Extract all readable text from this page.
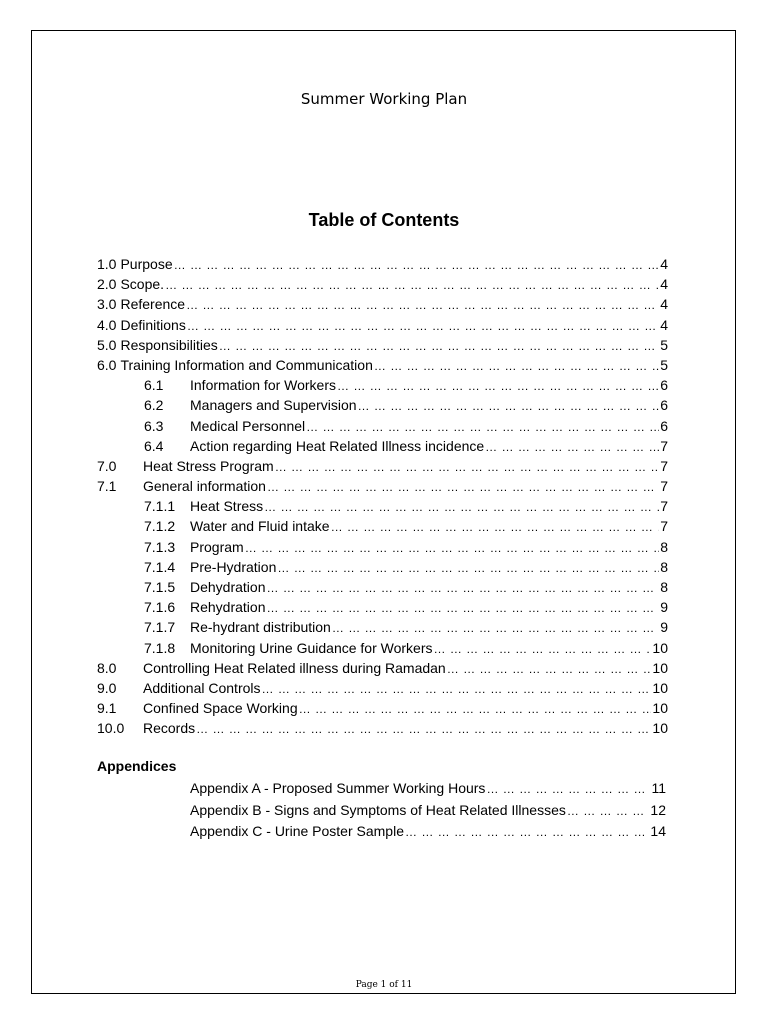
Summer Working Plan
Table of Contents
1.0 Purpose … … … … … … … … … … … … … … … … … … … … … … … … … … … … … … … … … … … … … … … … … … … … … … … … … … … … … … … … … … … … … …	4
2.0 Scope. … … … … … … … … … … … … … … … … … … … … … … … … … … … … … … … … … … … … … … … … … … … … … … … … … … … … … … … … … … … … … …	4
3.0 Reference … … … … … … … … … … … … … … … … … … … … … … … … … … … … … … … … … … … … … … … … … … … … … … … … … … … … … … … … … … … … … …	4
4.0 Definitions … … … … … … … … … … … … … … … … … … … … … … … … … … … … … … … … … … … … … … … … … … … … … … … … … … … … … … … … … … … … … …	4
5.0 Responsibilities … … … … … … … … … … … … … … … … … … … … … … … … … … … … … … … … … … … … … … … … … … … … … … … … … … … … … … … … … … … … … …	5
6.0 Training Information and Communication … … … … … … … … … … … … … … … … … … … … … … … … … … … … … … … … … … … … … … … … … … … … … … … … … … … … … … … … … … … … … …	5
6.1	Information for Workers … … … … … … … … … … … … … … … … … … … … … … … … … … … … … … … … … … … … … … … … … … … … … … … … … … … … … … … … … … … … … …	6
6.2	Managers and Supervision … … … … … … … … … … … … … … … … … … … … … … … … … … … … … … … … … … … … … … … … … … … … … … … … … … … … … … … … … … … … … …	6
6.3	Medical Personnel … … … … … … … … … … … … … … … … … … … … … … … … … … … … … … … … … … … … … … … … … … … … … … … … … … … … … … … … … … … … … …	6
6.4	Action regarding Heat Related Illness incidence … … … … … … … … … … … … … … … … … … … … … … … … … … … … … … … … … … … … … … … … … … … … … … … … … … … … … … … … … … … … … …	7
7.0	Heat Stress Program … … … … … … … … … … … … … … … … … … … … … … … … … … … … … … … … … … … … … … … … … … … … … … … … … … … … … … … … … … … … … …	7
7.1	General information … … … … … … … … … … … … … … … … … … … … … … … … … … … … … … … … … … … … … … … … … … … … … … … … … … … … … … … … … … … … … …	7
7.1.1	Heat Stress … … … … … … … … … … … … … … … … … … … … … … … … … … … … … … … … … … … … … … … … … … … … … … … … … … … … … … … … … … … … … …	7
7.1.2	Water and Fluid intake … … … … … … … … … … … … … … … … … … … … … … … … … … … … … … … … … … … … … … … … … … … … … … … … … … … … … … … … … … … … … …	7
7.1.3	Program … … … … … … … … … … … … … … … … … … … … … … … … … … … … … … … … … … … … … … … … … … … … … … … … … … … … … … … … … … … … … …	8
7.1.4	Pre-Hydration … … … … … … … … … … … … … … … … … … … … … … … … … … … … … … … … … … … … … … … … … … … … … … … … … … … … … … … … … … … … … …	8
7.1.5	Dehydration … … … … … … … … … … … … … … … … … … … … … … … … … … … … … … … … … … … … … … … … … … … … … … … … … … … … … … … … … … … … … …	8
7.1.6	Rehydration … … … … … … … … … … … … … … … … … … … … … … … … … … … … … … … … … … … … … … … … … … … … … … … … … … … … … … … … … … … … … …	9
7.1.7	Re-hydrant distribution … … … … … … … … … … … … … … … … … … … … … … … … … … … … … … … … … … … … … … … … … … … … … … … … … … … … … … … … … … … … … …	9
7.1.8	Monitoring Urine Guidance for Workers … … … … … … … … … … … … … … … … … … … … … … … … … … … … … … … … … … … … … … … … … … … … … … … … … … … … … … … … … … … … … …	10
8.0	Controlling Heat Related illness during Ramadan … … … … … … … … … … … … … … … … … … … … … … … … … … … … … … … … … … … … … … … … … … … … … … … … … … … … … … … … … … … … … …	10
9.0	Additional Controls … … … … … … … … … … … … … … … … … … … … … … … … … … … … … … … … … … … … … … … … … … … … … … … … … … … … … … … … … … … … … …	10
9.1	Confined Space Working … … … … … … … … … … … … … … … … … … … … … … … … … … … … … … … … … … … … … … … … … … … … … … … … … … … … … … … … … … … … … …	10
10.0	Records … … … … … … … … … … … … … … … … … … … … … … … … … … … … … … … … … … … … … … … … … … … … … … … … … … … … … … … … … … … … … …	10
Appendices
Appendix A - Proposed Summer Working Hours … … … … … … … … … … … … … … … … … … … … … … … … … … … … … … … … … … … … … … … … … … … … … … … … … … … … … … … … … … … … … …	11
Appendix B - Signs and Symptoms of Heat Related Illnesses … … … … … … … … … … … … … … … … … … … … … … … … … … … … … … … … … … … … … … … … … … … … … … … … … … … … … … … … … … … … … …	12
Appendix C - Urine Poster Sample … … … … … … … … … … … … … … … … … … … … … … … … … … … … … … … … … … … … … … … … … … … … … … … … … … … … … … … … … … … … … …	14
Page 1 of 11
